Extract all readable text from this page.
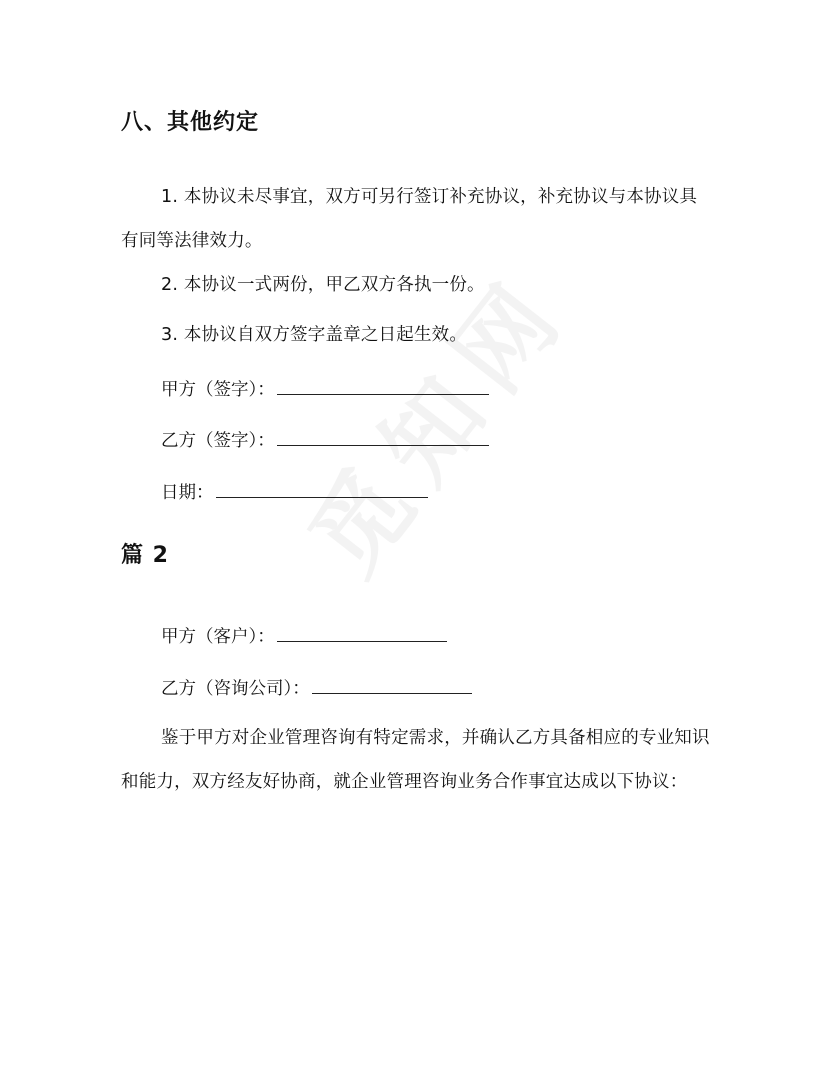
八、其他约定
1. 本协议未尽事宜，双方可另行签订补充协议，补充协议与本协议具有同等法律效力。
2. 本协议一式两份，甲乙双方各执一份。
3. 本协议自双方签字盖章之日起生效。
甲方（签字）：
乙方（签字）：
日期：
篇 2
甲方（客户）：
乙方（咨询公司）：
鉴于甲方对企业管理咨询有特定需求，并确认乙方具备相应的专业知识和能力，双方经友好协商，就企业管理咨询业务合作事宜达成以下协议：
